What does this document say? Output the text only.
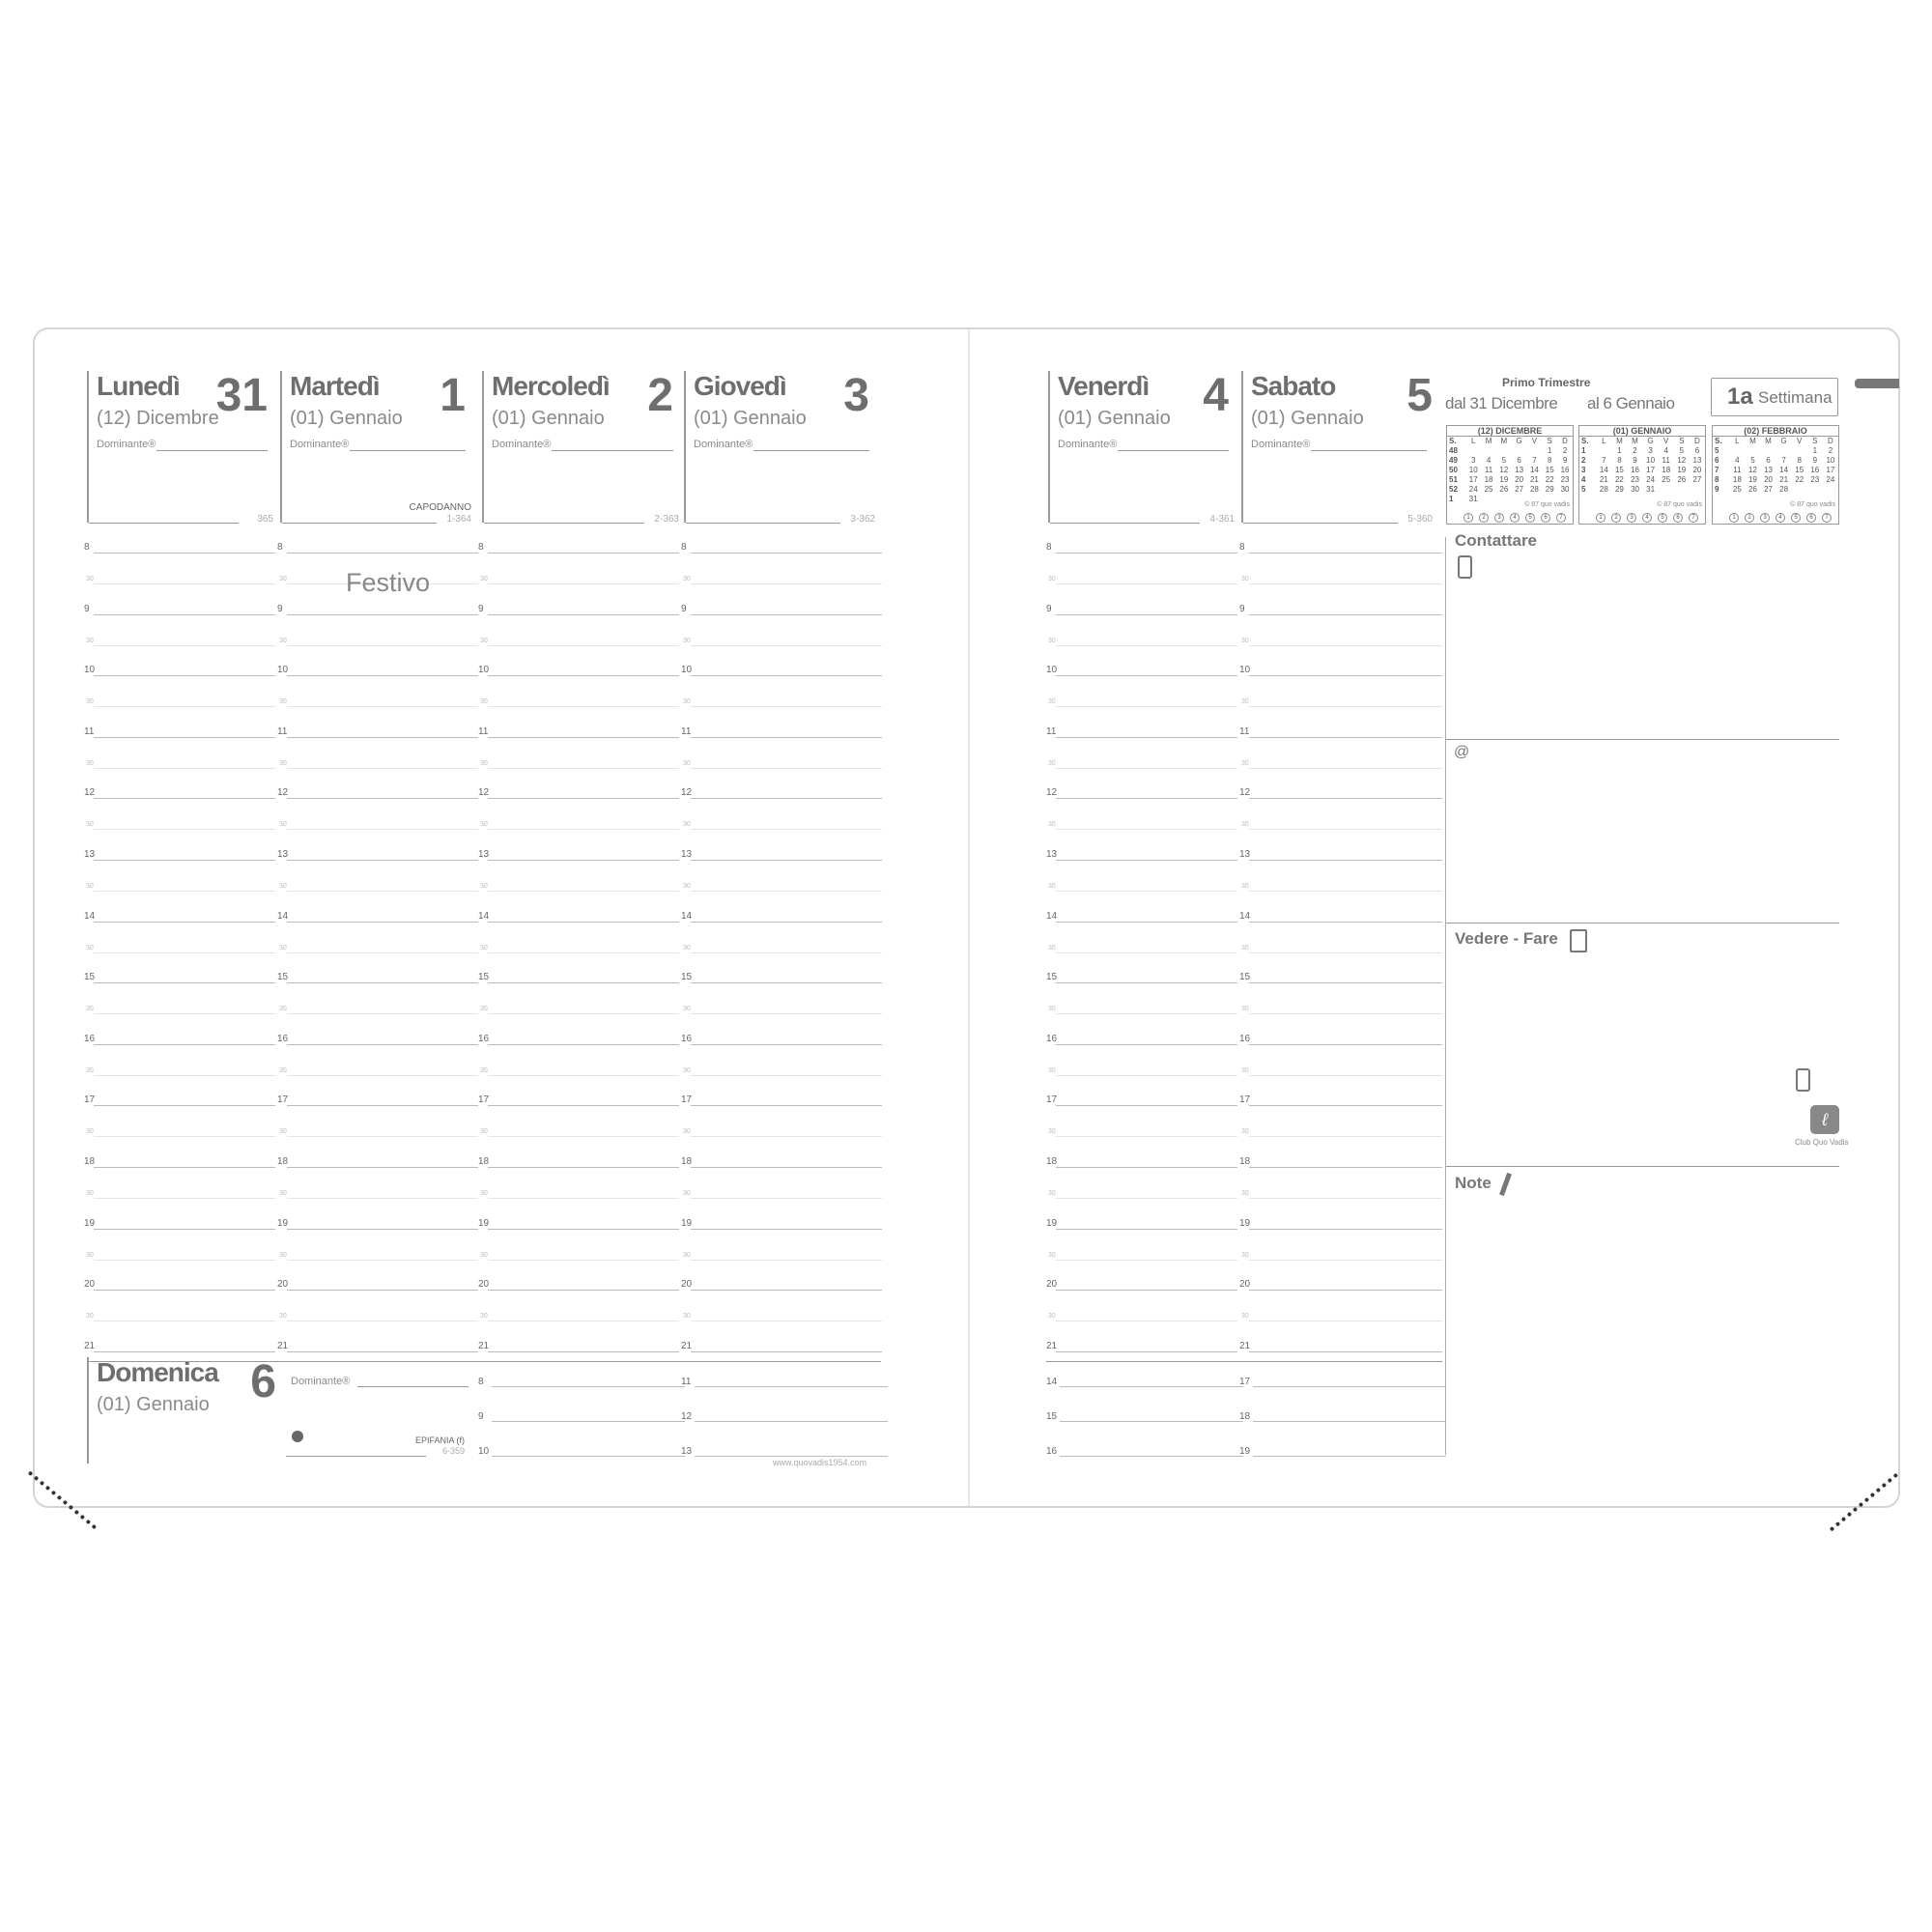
Lunedì 31
(12) Dicembre
Dominante®
365
Martedì 1
(01) Gennaio
Dominante®
1-364
CAPODANNO
Mercoledì 2
(01) Gennaio
Dominante®
2-363
Giovedì 3
(01) Gennaio
Dominante®
3-362
Venerdì 4
(01) Gennaio
Dominante®
4-361
Sabato 5
(01) Gennaio
Dominante®
5-360
Domenica 6
(01) Gennaio
Dominante®
EPIFANIA (f)
6-359
8
30
9
30
10
30
11
30
12
30
13
30
14
30
15
30
16
30
17
30
18
30
19
30
20
30
21
8
30
9
30
10
30
11
30
12
30
13
30
14
30
15
30
16
30
17
30
18
30
19
30
20
30
21
8
30
9
30
10
30
11
30
12
30
13
30
14
30
15
30
16
30
17
30
18
30
19
30
20
30
21
8
30
9
30
10
30
11
30
12
30
13
30
14
30
15
30
16
30
17
30
18
30
19
30
20
30
21
8
30
9
30
10
30
11
30
12
30
13
30
14
30
15
30
16
30
17
30
18
30
19
30
20
30
21
8
30
9
30
10
30
11
30
12
30
13
30
14
30
15
30
16
30
17
30
18
30
19
30
20
30
21
8
9
10
11
12
13
14
15
16
17
18
19
Festivo
Primo Trimestre
dal 31 Dicembre al 6 Gennaio 1a Settimana
(12) DICEMBRE
S.	L	M	M	G	V	S	D
48						1	2
49	3	4	5	6	7	8	9
50	10	11	12	13	14	15	16
51	17	18	19	20	21	22	23
52	24	25	26	27	28	29	30
1	31						
© 87 quo vadis
1 2 3 4 5 6 7
(01) GENNAIO
S.	L	M	M	G	V	S	D
1		1	2	3	4	5	6
2	7	8	9	10	11	12	13
3	14	15	16	17	18	19	20
4	21	22	23	24	25	26	27
5	28	29	30	31			
© 87 quo vadis
1 2 3 4 5 6 7
(02) FEBBRAIO
S.	L	M	M	G	V	S	D
5						1	2
6	4	5	6	7	8	9	10
7	11	12	13	14	15	16	17
8	18	19	20	21	22	23	24
9	25	26	27	28			
© 87 quo vadis
1 2 3 4 5 6 7
Contattare
@
Vedere - Fare
ℓ
Club Quo Vadis
Note
www.quovadis1954.com
